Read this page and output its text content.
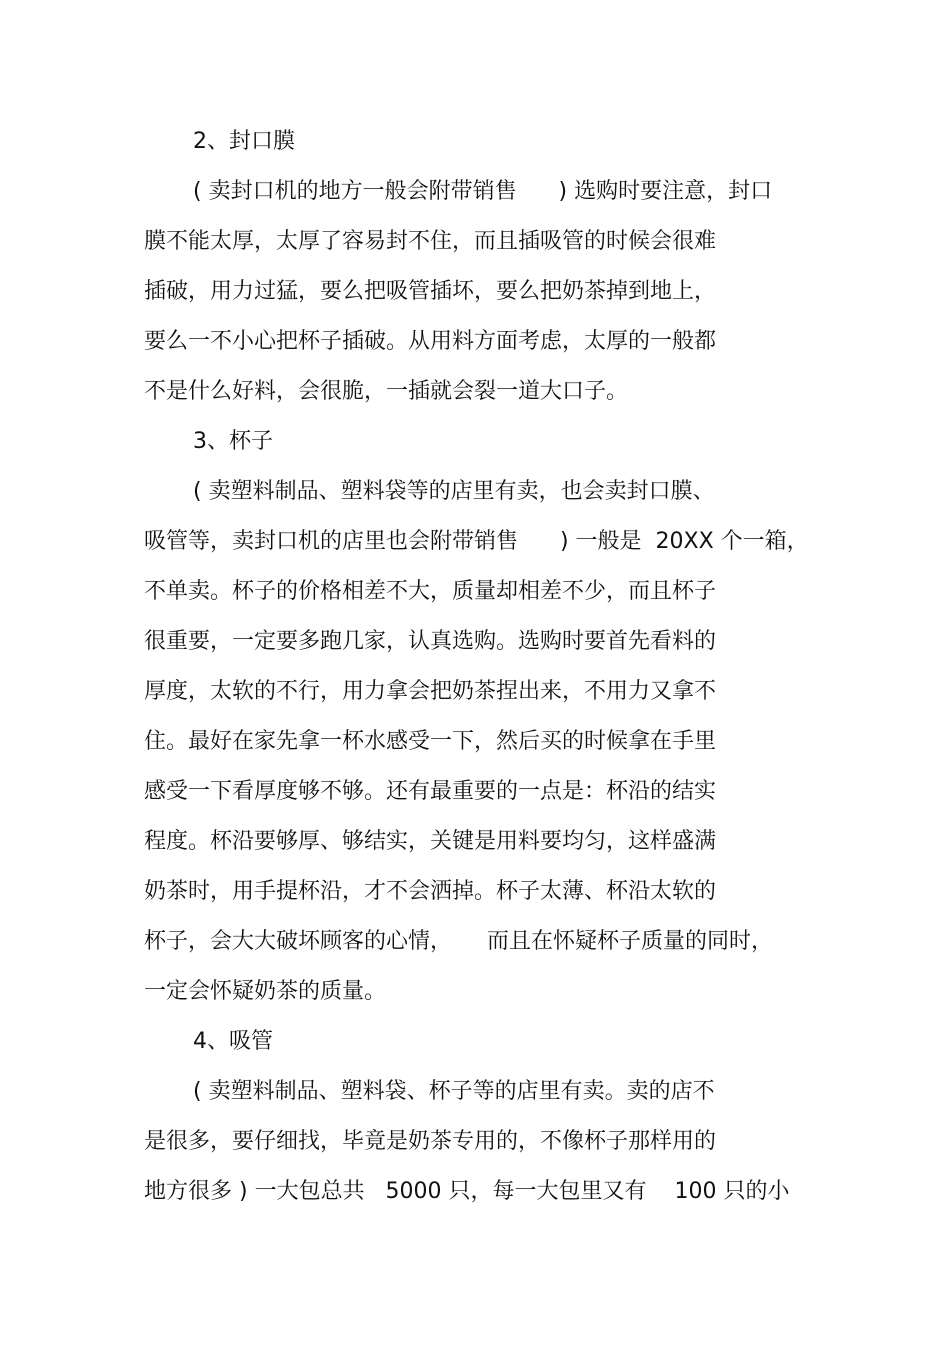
2、封口膜
( 卖封口机的地方一般会附带销售      ) 选购时要注意，封口
膜不能太厚，太厚了容易封不住，而且插吸管的时候会很难
插破，用力过猛，要么把吸管插坏，要么把奶茶掉到地上，
要么一不小心把杯子插破。从用料方面考虑，太厚的一般都
不是什么好料，会很脆，一插就会裂一道大口子。
3、杯子
( 卖塑料制品、塑料袋等的店里有卖，也会卖封口膜、
吸管等，卖封口机的店里也会附带销售      ) 一般是  20XX 个一箱，
不单卖。杯子的价格相差不大，质量却相差不少，而且杯子
很重要，一定要多跑几家，认真选购。选购时要首先看料的
厚度，太软的不行，用力拿会把奶茶捏出来，不用力又拿不
住。最好在家先拿一杯水感受一下，然后买的时候拿在手里
感受一下看厚度够不够。还有最重要的一点是：杯沿的结实
程度。杯沿要够厚、够结实，关键是用料要均匀，这样盛满
奶茶时，用手提杯沿，才不会洒掉。杯子太薄、杯沿太软的
杯子，会大大破坏顾客的心情，     而且在怀疑杯子质量的同时，
一定会怀疑奶茶的质量。
4、吸管
( 卖塑料制品、塑料袋、杯子等的店里有卖。卖的店不
是很多，要仔细找，毕竟是奶茶专用的，不像杯子那样用的
地方很多 ) 一大包总共   5000 只，每一大包里又有    100 只的小
